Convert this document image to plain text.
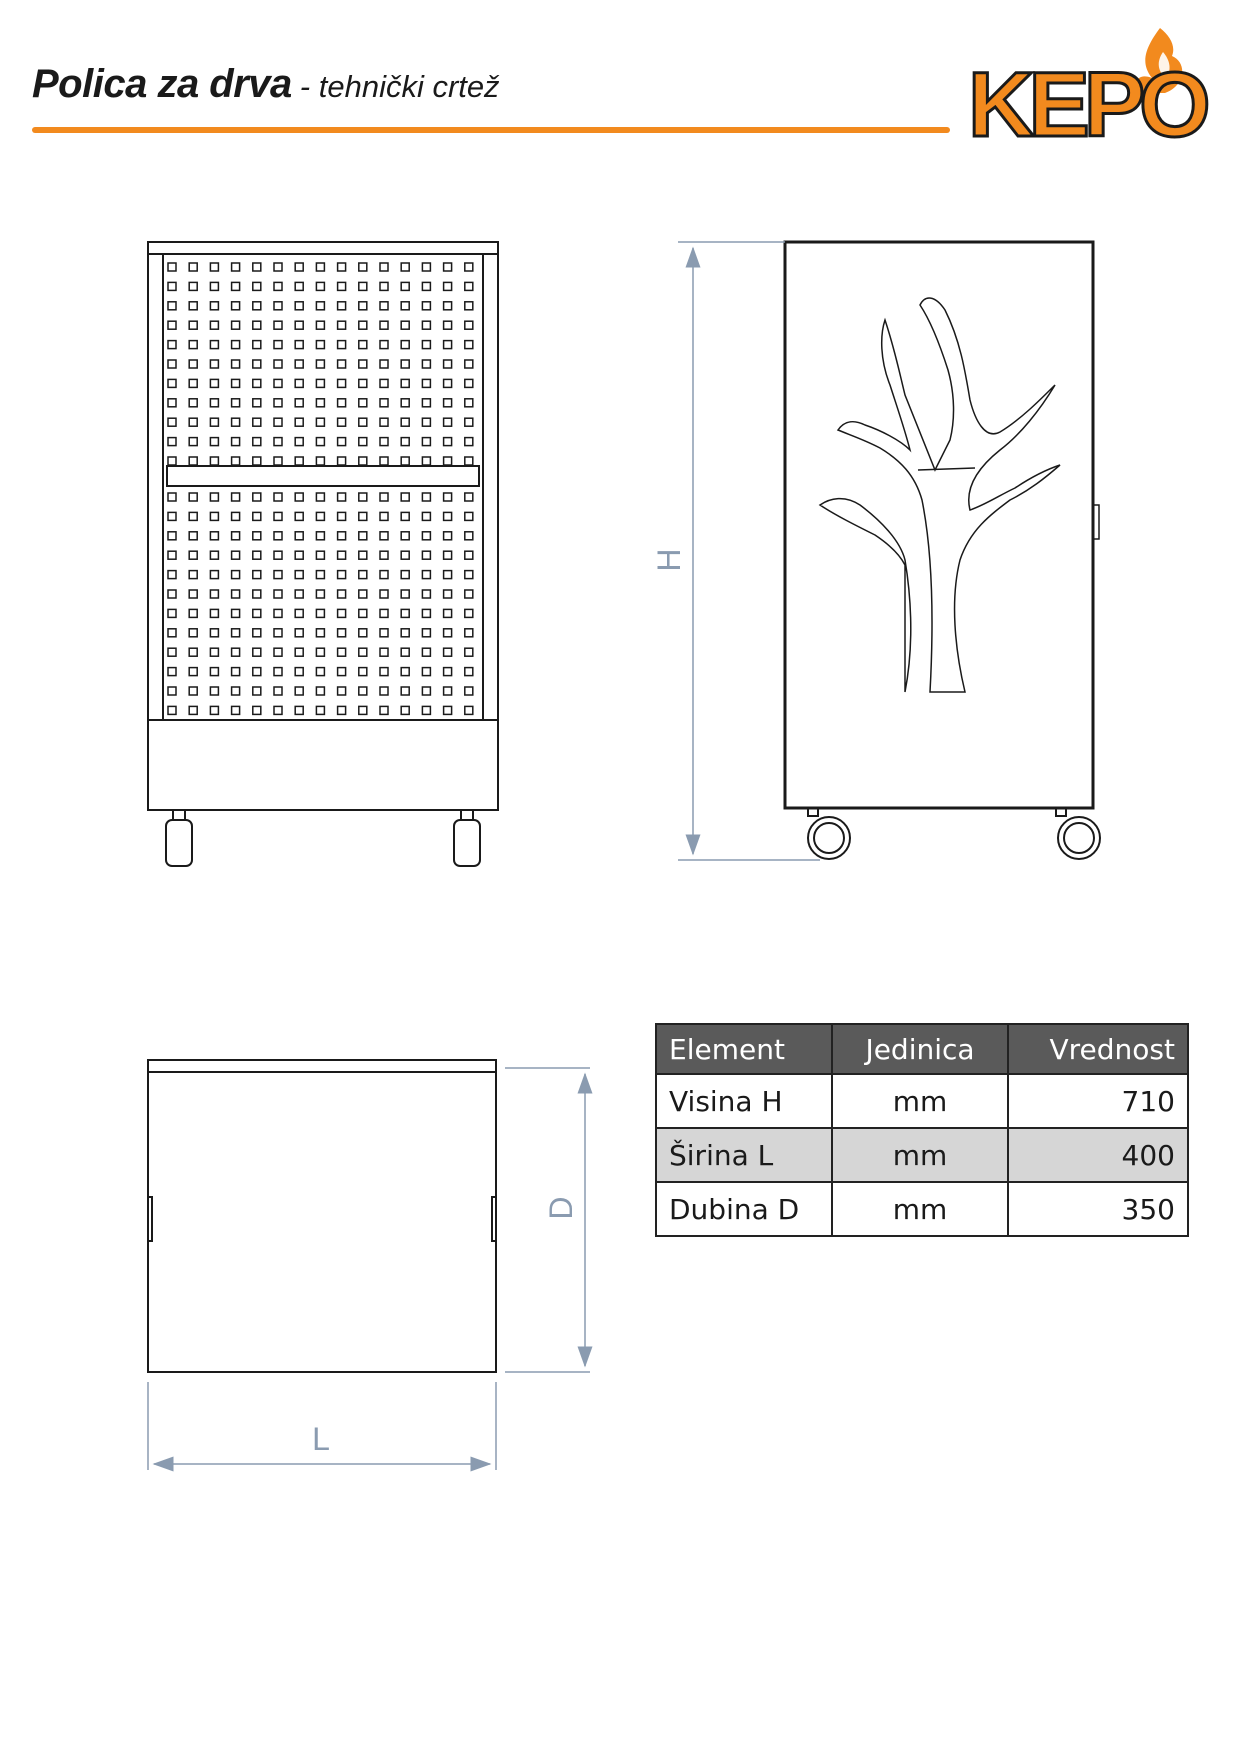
Polica za drva - tehnički crtež	KEPO
H
D
L
Element	Jedinica	Vrednost
Visina H	mm	710
Širina L	mm	400
Dubina D	mm	350
